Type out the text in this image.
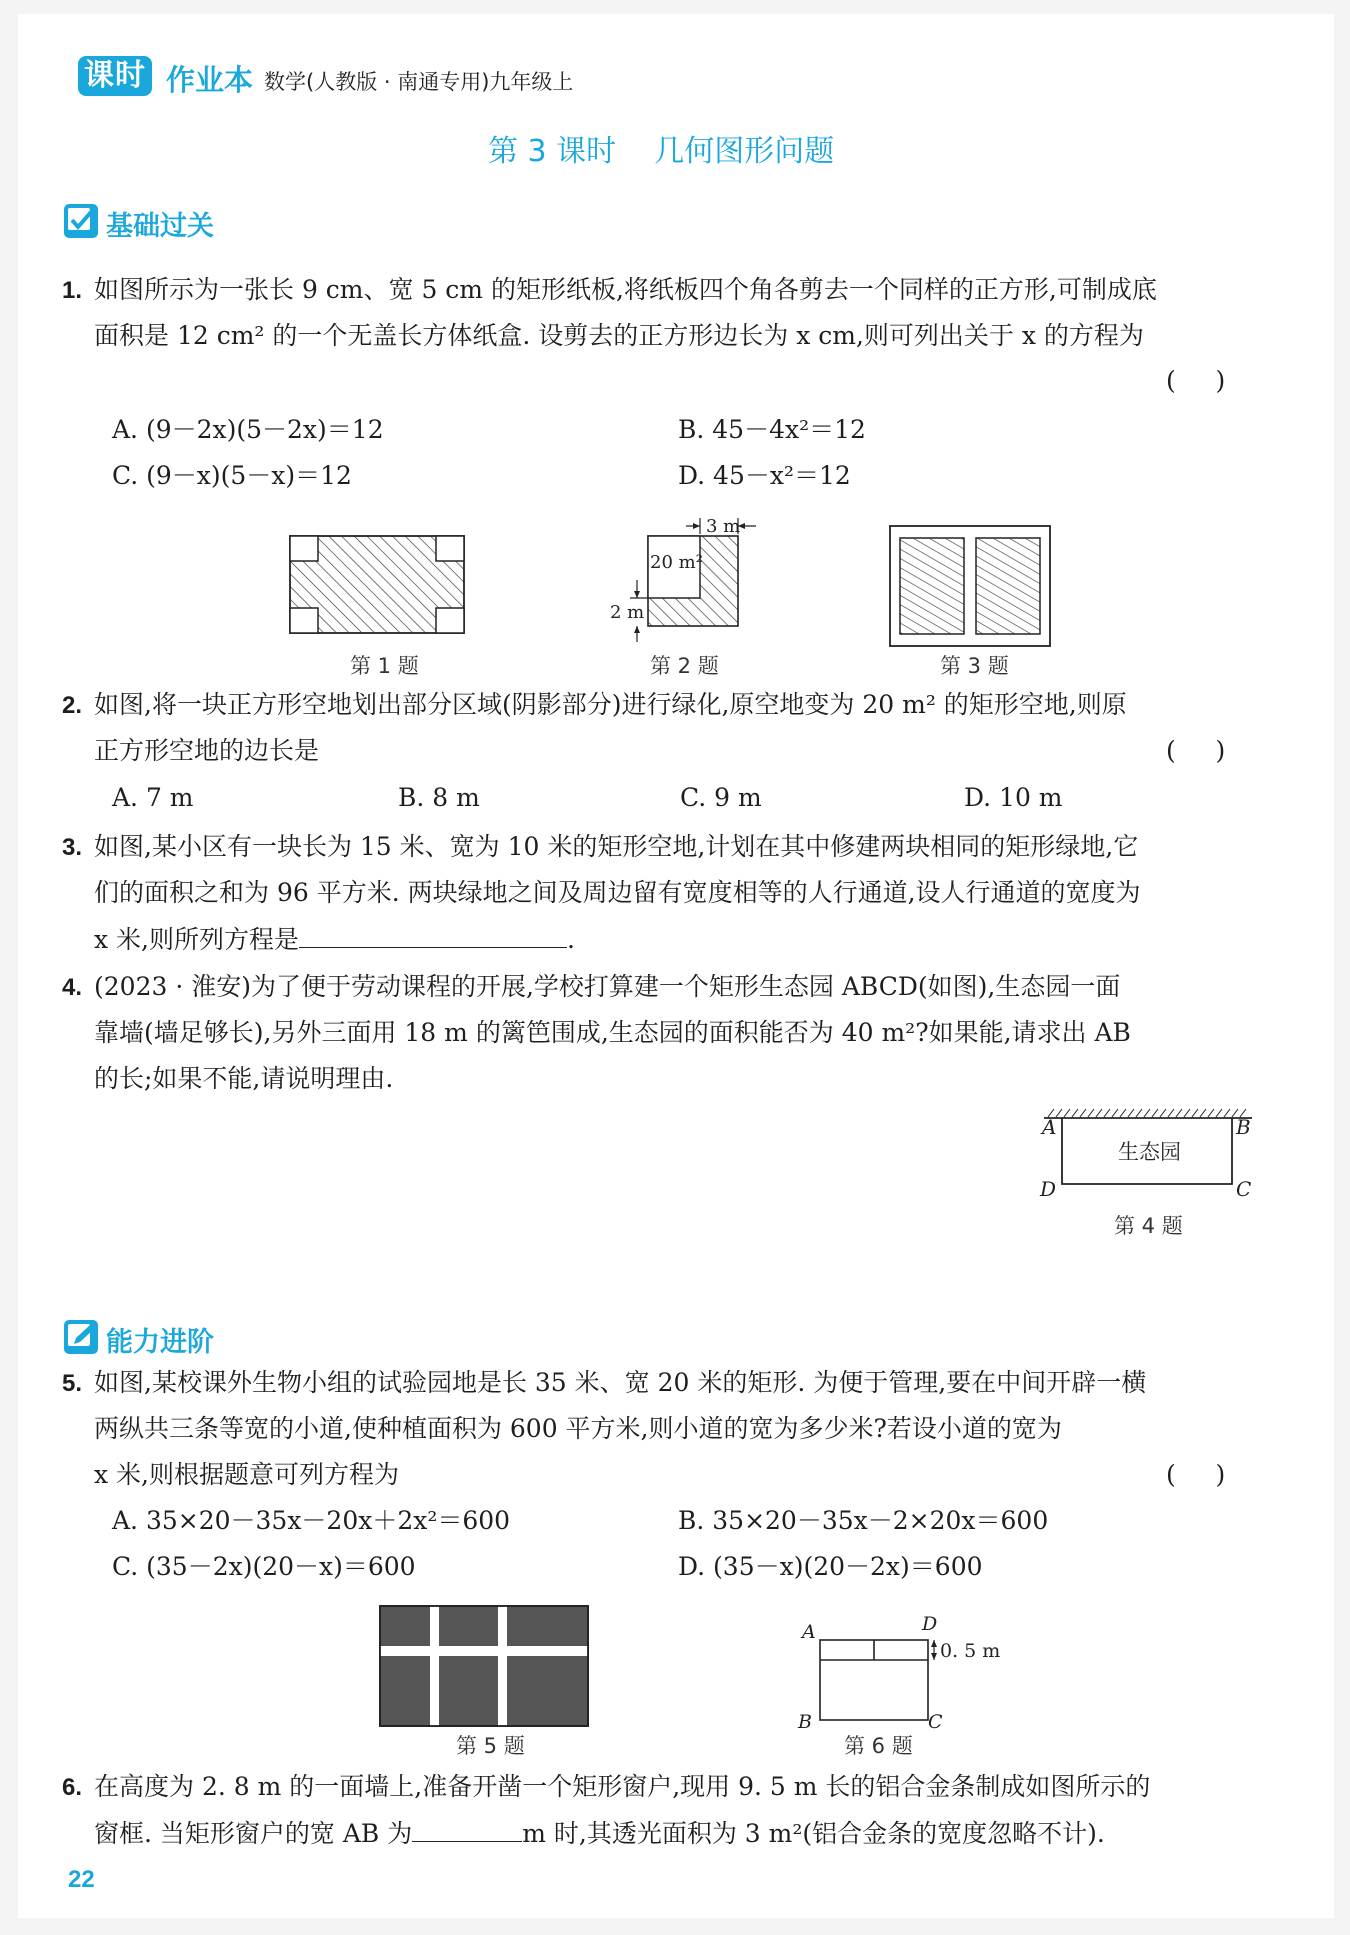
课时 作业本 数学(人教版 · 南通专用)九年级上
第 3 课时    几何图形问题
基础过关
1. 如图所示为一张长 9 cm、宽 5 cm 的矩形纸板,将纸板四个角各剪去一个同样的正方形,可制成底
面积是 12 cm² 的一个无盖长方体纸盒. 设剪去的正方形边长为 x cm,则可列出关于 x 的方程为
(     )
A. (9－2x)(5－2x)＝12	B. 45－4x²＝12
C. (9－x)(5－x)＝12	D. 45－x²＝12
第 1 题
3 m
20 m²
2 m
第 2 题	第 3 题
2. 如图,将一块正方形空地划出部分区域(阴影部分)进行绿化,原空地变为 20 m² 的矩形空地,则原
正方形空地的边长是	(     )
A. 7 m	B. 8 m	C. 9 m	D. 10 m
3. 如图,某小区有一块长为 15 米、宽为 10 米的矩形空地,计划在其中修建两块相同的矩形绿地,它
们的面积之和为 96 平方米. 两块绿地之间及周边留有宽度相等的人行通道,设人行通道的宽度为
x 米,则所列方程是	.
4. (2023 · 淮安)为了便于劳动课程的开展,学校打算建一个矩形生态园 ABCD(如图),生态园一面
靠墙(墙足够长),另外三面用 18 m 的篱笆围成,生态园的面积能否为 40 m²?如果能,请求出 AB
的长;如果不能,请说明理由.
A	B
C
D
生态园
第 4 题
能力进阶
5. 如图,某校课外生物小组的试验园地是长 35 米、宽 20 米的矩形. 为便于管理,要在中间开辟一横
两纵共三条等宽的小道,使种植面积为 600 平方米,则小道的宽为多少米?若设小道的宽为
x 米,则根据题意可列方程为	(     )
A. 35×20－35x－20x＋2x²＝600	B. 35×20－35x－2×20x＝600
C. (35－2x)(20－x)＝600	D. (35－x)(20－2x)＝600
第 5 题
A	D
B	C
0. 5 m
第 6 题
6. 在高度为 2. 8 m 的一面墙上,准备开凿一个矩形窗户,现用 9. 5 m 长的铝合金条制成如图所示的
窗框. 当矩形窗户的宽 AB 为	m 时,其透光面积为 3 m²(铝合金条的宽度忽略不计).
22
